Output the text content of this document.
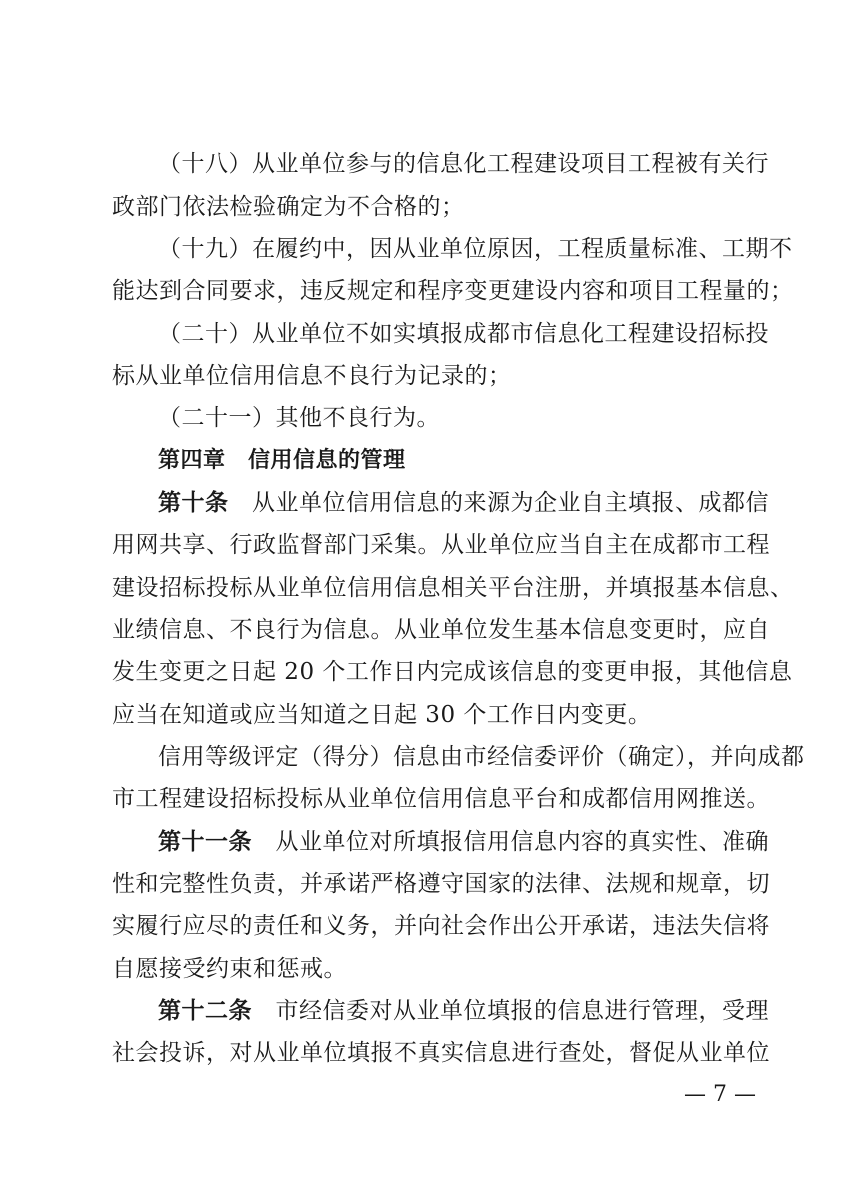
（十八）从业单位参与的信息化工程建设项目工程被有关行
政部门依法检验确定为不合格的；
（十九）在履约中，因从业单位原因，工程质量标准、工期不
能达到合同要求，违反规定和程序变更建设内容和项目工程量的；
（二十）从业单位不如实填报成都市信息化工程建设招标投
标从业单位信用信息不良行为记录的；
（二十一）其他不良行为。
第四章　信用信息的管理
第十条　从业单位信用信息的来源为企业自主填报、成都信
用网共享、行政监督部门采集。从业单位应当自主在成都市工程
建设招标投标从业单位信用信息相关平台注册，并填报基本信息、
业绩信息、不良行为信息。从业单位发生基本信息变更时，应自
发生变更之日起 20 个工作日内完成该信息的变更申报，其他信息
应当在知道或应当知道之日起 30 个工作日内变更。
信用等级评定（得分）信息由市经信委评价（确定），并向成都
市工程建设招标投标从业单位信用信息平台和成都信用网推送。
第十一条　从业单位对所填报信用信息内容的真实性、准确
性和完整性负责，并承诺严格遵守国家的法律、法规和规章，切
实履行应尽的责任和义务，并向社会作出公开承诺，违法失信将
自愿接受约束和惩戒。
第十二条　市经信委对从业单位填报的信息进行管理，受理
社会投诉，对从业单位填报不真实信息进行查处，督促从业单位
— 7 —
